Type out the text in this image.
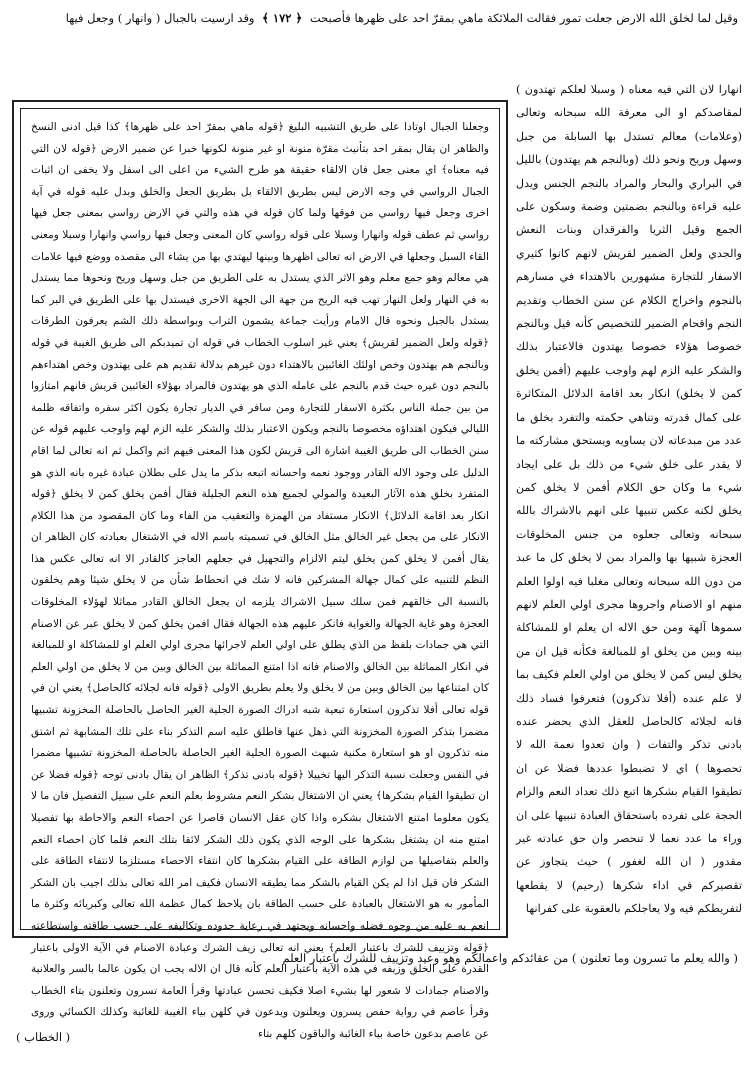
وقيل لما لخلق الله الارض جعلت تمور فقالت الملائكة ماهي بمقرّ احد على ظهرها فأصبحت ﴿ ١٧٢ ﴾ وقد ارسيت بالجبال ( وانهار ) وجعل فيها
انهارا لان التي فيه معناه ( وسبلا لعلكم تهتدون ) لمقاصدكم او الى معرفة الله سبحانه وتعالى (وعلامات) معالم تستدل بها السابلة من جبل وسهل وريح ونحو ذلك (وبالنجم هم يهتدون) بالليل في البراري والبحار والمراد بالنجم الجنس ويدل عليه قراءة وبالنجم بضمتين وضمة وسكون على الجمع وقيل الثريا والفرقدان وبنات النعش والجدي ولعل الضمير لقريش لانهم كانوا كثيري الاسفار للتجارة مشهورين بالاهتداء في مسارهم بالنجوم واخراج الكلام عن سنن الخطاب وتقديم النجم واقحام الضمير للتخصيص كأنه قيل وبالنجم خصوصا هؤلاء خصوصا يهتدون فالاعتبار بذلك والشكر عليه الزم لهم واوجب عليهم (أفمن يخلق كمن لا يخلق) انكار بعد اقامة الدلائل المتكاثرة على كمال قدرته وتناهي حكمته والتفرد بخلق ما عدد من مبدعاته لان يساويه ويستحق مشاركته ما لا يقدر على خلق شيء من ذلك بل على ايجاد شيء ما وكان حق الكلام أفمن لا يخلق كمن يخلق لكنه عكس تنبيها على انهم بالاشراك بالله سبحانه وتعالى جعلوه من جنس المخلوقات العجزة شبيها بها والمراد بمن لا يخلق كل ما عبد من دون الله سبحانه وتعالى مغلبا فيه اولوا العلم منهم او الاصنام واجروها مجرى اولي العلم لانهم سموها آلهة ومن حق الاله ان يعلم او للمشاكلة بينه وبين من يخلق او للمبالغة فكأنه قيل ان من يخلق ليس كمن لا يخلق من اولي العلم فكيف بما لا علم عنده (أفلا تذكرون) فتعرفوا فساد ذلك فانه لجلائه كالحاصل للعقل الذي يحضر عنده بادنى تذكر والتفات ( وان تعدوا نعمة الله لا تحصوها ) اي لا تضبطوا عددها فضلا عن ان تطيقوا القيام بشكرها اتبع ذلك تعداد النعم والزام الحجة على تفرده باستحقاق العبادة تنبيها على ان وراء ما عدد نعما لا تنحصر وان حق عبادته غير مقدور ( ان الله لغفور ) حيث يتجاوز عن تقصيركم في اداء شكرها (رحيم) لا يقطعها لتفريطكم فيه ولا يعاجلكم بالعقوبة على كفرانها
وجعلنا الجبال اوتادا على طريق التشبيه البليغ ﴿قوله ماهي بمقرّ احد على ظهرها﴾ كذا قيل ادنى النسخ والظاهر ان يقال بمقر احد بتأنيث مقرّة منونة او غير منونة لكونها خبرا عن ضمير الارض ﴿قوله لان التي فيه معناه﴾ اي معنى جعل فان الالقاء حقيقة هو طرح الشيء من اعلى الى اسفل ولا يخفى ان اثبات الجبال الرواسي في وجه الارض ليس بطريق الالقاء بل بطريق الجعل والخلق وبدل عليه قوله في آية اخرى وجعل فيها رواسي من فوقها ولما كان قوله في هذه والتي في الارض رواسي بمعنى جعل فيها رواسي ثم عطف قوله وانهارا وسبلا على قوله رواسي كان المعنى وجعل فيها رواسي وانهارا وسبلا ومعنى القاء السبل وجعلها في الارض انه تعالى اظهرها وبينها ليهتدي بها من يشاء الى مقصده ووضع فيها علامات هي معالم وهو جمع معلم وهو الاثر الذي يستدل به على الطريق من جبل وسهل وريح ونحوها مما يستدل به في النهار ولعل النهار تهب فيه الريح من جهة الى الجهة الاخرى فيستدل بها على الطريق في البر كما يستدل بالجبل ونحوه قال الامام ورأيت جماعة يشمون التراب وبواسطة ذلك الشم يعرفون الطرقات ﴿قوله ولعل الضمير لقريش﴾ يعني غير اسلوب الخطاب في قوله ان تميدبكم الى طريق الغيبة في قوله وبالنجم هم يهتدون وخص اولئك الغائبين بالاهتداء دون غيرهم بدلالة تقديم هم على يهتدون وخص اهتداءهم بالنجم دون غيره حيث قدم بالنجم على عامله الذي هو يهتدون فالمراد بهؤلاء الغائبين قريش فانهم امتازوا من بين جملة الناس بكثرة الاسفار للتجارة ومن سافر في الديار تجارة يكون اكثر سفره واتفاقه ظلمة الليالي فيكون اهتداؤه مخصوصا بالنجم ويكون الاعتبار بذلك والشكر عليه الزم لهم واوجب عليهم قوله عن سنن الخطاب الى طريق الغيبة اشارة الى قريش لكون هذا المعنى فيهم اتم واكمل ثم انه تعالى لما اقام الدليل على وجود الاله القادر ووجود نعمه واحسانه اتبعه بذكر ما يدل على بطلان عبادة غيره بانه الذي هو المتفرد بخلق هذه الآثار البعيدة والمولي لجميع هذه النعم الجليلة فقال أفمن يخلق كمن لا يخلق ﴿قوله انكار بعد اقامة الدلائل﴾ الانكار مستفاد من الهمزة والتعقيب من الفاء وما كان المقصود من هذا الكلام الانكار على من يجعل غير الخالق مثل الخالق في تسميته باسم الاله في الاشتغال بعبادته كان الظاهر ان يقال أفمن لا يخلق كمن يخلق ليتم الالزام والتجهيل في جعلهم العاجز كالقادر الا انه تعالى عكس هذا النظم للتنبيه على كمال جهالة المشركين فانه لا شك في انحطاط شأن من لا يخلق شيئا وهم يخلقون بالنسبة الى خالقهم فمن سلك سبيل الاشراك يلزمه ان يجعل الخالق القادر مماثلا لهؤلاء المخلوقات العجزة وهو غاية الجهالة والغواية فانكر عليهم هذه الجهالة فقال افمن يخلق كمن لا يخلق عبر عن الاصنام التي هي جمادات بلفظ من الذي يطلق على اولي العلم لاجرائها مجرى اولي العلم او للمشاكلة او للمبالغة في انكار المماثلة بين الخالق والاصنام فانه اذا امتنع المماثلة بين الخالق وبين من لا يخلق من اولي العلم كان امتناعها بين الخالق وبين من لا يخلق ولا يعلم بطريق الاولى ﴿قوله فانه لجلائه كالحاصل﴾ يعني ان في قوله تعالى أفلا تذكرون استعارة تبعية شبه ادراك الصورة الجلية الغير الحاصل بالحاصلة المخزونة تشبيها مضمرا بتذكر الصورة المخزونة التي ذهل عنها فاطلق عليه اسم التذكر بناء على تلك المشابهة ثم اشتق منه تذكرون او هو استعارة مكنية شبهت الصورة الجلية الغير الحاصلة بالحاصلة المخزونة تشبيها مضمرا في النفس وجعلت نسبة التذكر اليها تخييلا ﴿قوله بادنى تذكر﴾ الظاهر ان يقال بادنى توجه ﴿قوله فضلا عن ان تطيقوا القيام بشكرها﴾ يعني ان الاشتغال بشكر النعم مشروط بعلم النعم على سبيل التفصيل فان ما لا يكون معلوما امتنع الاشتغال بشكره واذا كان عقل الانسان قاصرا عن احصاء النعم والاحاطة بها تفصيلا امتنع منه ان يشتغل بشكرها على الوجه الذي يكون ذلك الشكر لائقا بتلك النعم فلما كان احصاء النعم والعلم بتفاصيلها من لوازم الطاقة على القيام بشكرها كان انتفاء الاحصاء مستلزما لانتفاء الطاقة على الشكر فان قيل اذا لم يكن القيام بالشكر مما يطيقه الانسان فكيف امر الله تعالى بذلك اجيب بان الشكر المأمور به هو الاشتغال بالعبادة على حسب الطاقة بان يلاحظ كمال عظمة الله تعالى وكبريائه وكثرة ما انعم به عليه من وجوه فضله واحسانه ويجتهد في رعاية حدوده وتكاليفه على حسب طاقته واستطاعته ﴿قوله وتزييف للشرك باعتبار العلم﴾ يعني انه تعالى زيف الشرك وعبادة الاصنام في الآية الاولى باعتبار القدرة على الخلق وزيفه في هذه الآية باعتبار العلم كأنه قال ان الاله يجب ان يكون عالما بالسر والعلانية والاصنام جمادات لا شعور لها بشيء اصلا فكيف تحسن عبادتها وقرأ العامة تسرون وتعلنون بتاء الخطاب وقرأ عاصم في رواية حفص يسرون ويعلنون ويدعون في كلهن بياء الغيبة للغائبة وكذلك الكسائي وروى عن عاصم بدعون خاصة بياء الغائبة والباقون كلهم بتاء
( والله يعلم ما تسرون وما تعلنون ) من عقائدكم واعمالكم وهو وعيد وتزييف للشرك باعتبار العلم
( الخطاب )
